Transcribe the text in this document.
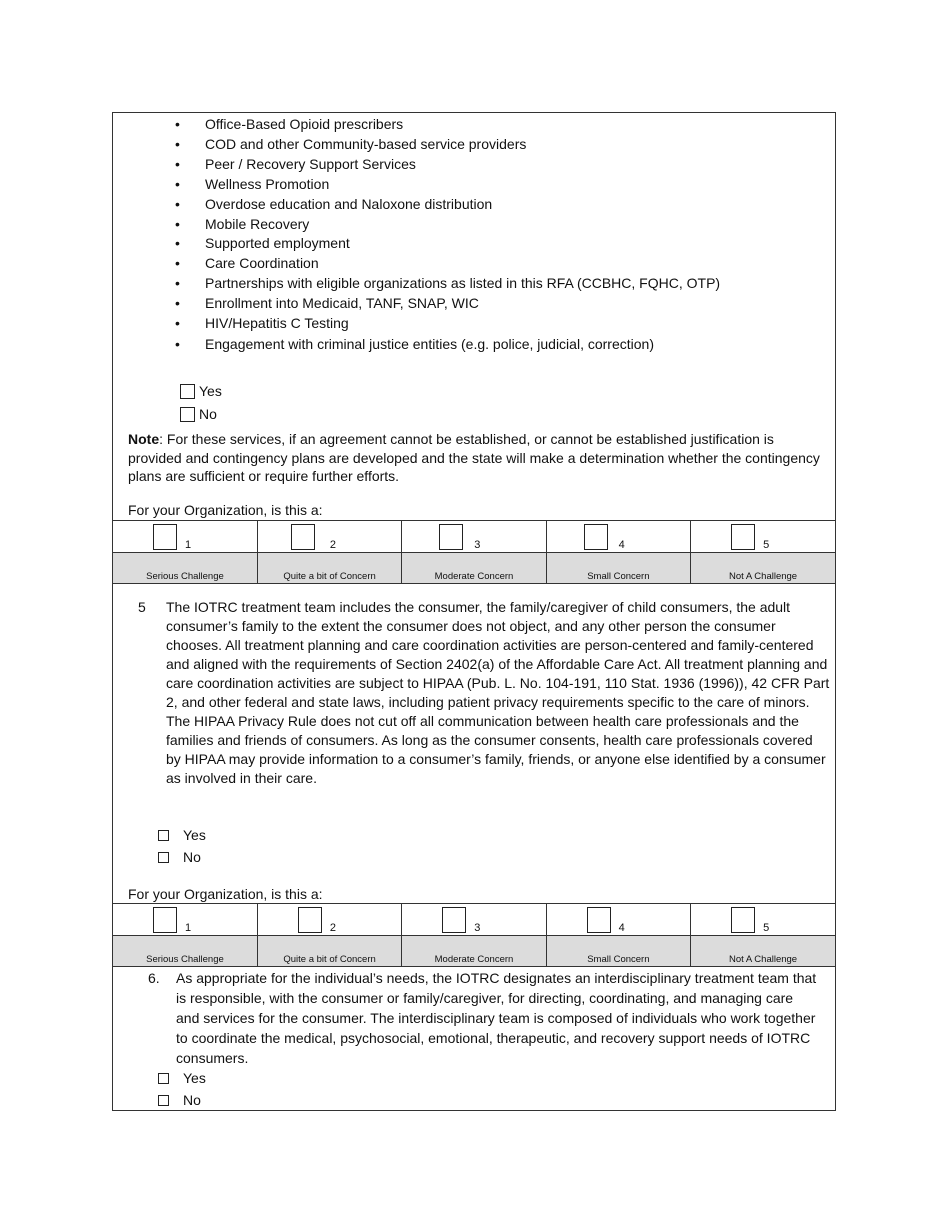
• Office-Based Opioid prescribers
• COD and other Community-based service providers
• Peer / Recovery Support Services
• Wellness Promotion
• Overdose education and Naloxone distribution
• Mobile Recovery
• Supported employment
• Care Coordination
• Partnerships with eligible organizations as listed in this RFA (CCBHC, FQHC, OTP)
• Enrollment into Medicaid, TANF, SNAP, WIC
• HIV/Hepatitis C Testing
• Engagement with criminal justice entities (e.g. police, judicial, correction)
Yes
No
Note: For these services, if an agreement cannot be established, or cannot be established justification is provided and contingency plans are developed and the state will make a determination whether the contingency plans are sufficient or require further efforts.
For your Organization, is this a:
1	2	3	4	5

Serious Challenge	Quite a bit of Concern	Moderate Concern	Small Concern	Not A Challenge
5 The IOTRC treatment team includes the consumer, the family/caregiver of child consumers, the adult consumer’s family to the extent the consumer does not object, and any other person the consumer chooses. All treatment planning and care coordination activities are person-centered and family-centered and aligned with the requirements of Section 2402(a) of the Affordable Care Act. All treatment planning and care coordination activities are subject to HIPAA (Pub. L. No. 104-191, 110 Stat. 1936 (1996)), 42 CFR Part 2, and other federal and state laws, including patient privacy requirements specific to the care of minors. The HIPAA Privacy Rule does not cut off all communication between health care professionals and the families and friends of consumers. As long as the consumer consents, health care professionals covered by HIPAA may provide information to a consumer’s family, friends, or anyone else identified by a consumer as involved in their care.
Yes
No
For your Organization, is this a:
1	2	3	4	5

Serious Challenge	Quite a bit of Concern	Moderate Concern	Small Concern	Not A Challenge
6. As appropriate for the individual’s needs, the IOTRC designates an interdisciplinary treatment team that is responsible, with the consumer or family/caregiver, for directing, coordinating, and managing care and services for the consumer. The interdisciplinary team is composed of individuals who work together to coordinate the medical, psychosocial, emotional, therapeutic, and recovery support needs of IOTRC consumers.
Yes
No
